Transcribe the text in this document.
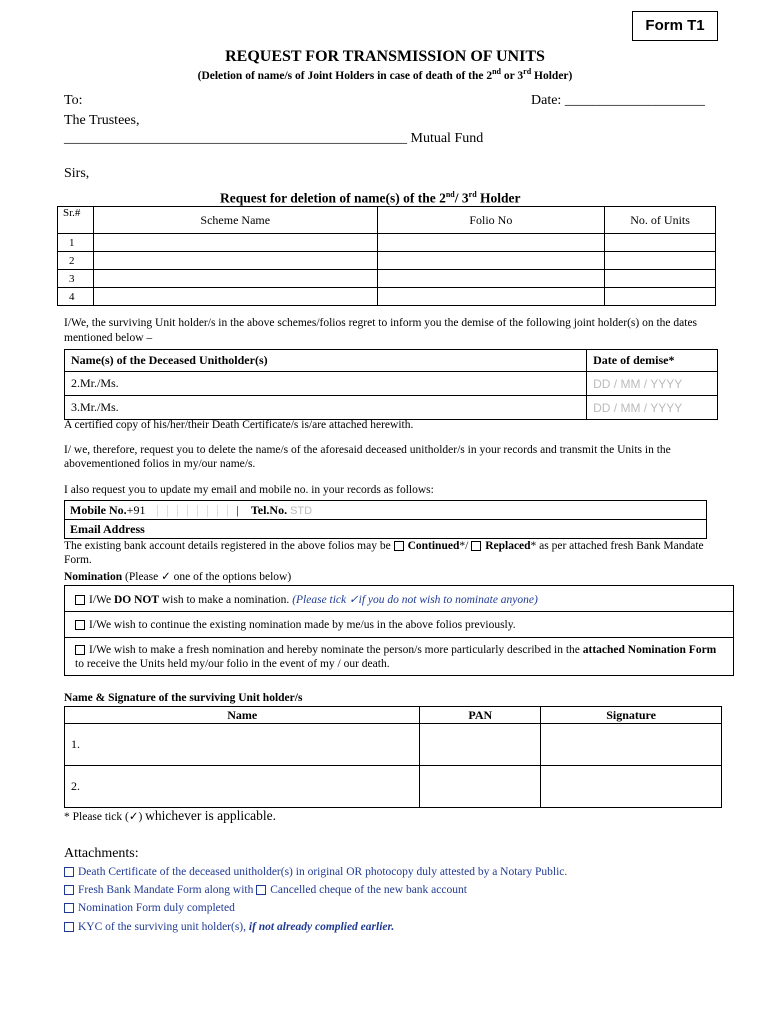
Form T1
REQUEST FOR TRANSMISSION OF UNITS
(Deletion of name/s of Joint Holders in case of death of the 2nd or 3rd Holder)
To:	Date: ____________________
The Trustees,
_________________________________________________ Mutual Fund
Sirs,
Request for deletion of name(s) of the 2nd/ 3rd Holder
Sr.#	Scheme Name	Folio No	No. of Units
1			
2			
3			
4			
I/We, the surviving Unit holder/s in the above schemes/folios regret to inform you the demise of the following joint holder(s) on the dates mentioned below –
Name(s) of the Deceased Unitholder(s)	Date of demise*
2.Mr./Ms.	DD / MM / YYYY
3.Mr./Ms.	DD / MM / YYYY
A certified copy of his/her/their Death Certificate/s is/are attached herewith.
I/ we, therefore, request you to delete the name/s of the aforesaid deceased unitholder/s in your records and transmit the Units in the abovementioned folios in my/our name/s.
I also request you to update my email and mobile no. in your records as follows:
Mobile No.+91	| Tel.No. STD
Email Address
The existing bank account details registered in the above folios may be Continued*/ Replaced* as per attached fresh Bank Mandate Form.
Nomination (Please ✓ one of the options below)
I/We DO NOT wish to make a nomination. (Please tick ✓if you do not wish to nominate anyone)
I/We wish to continue the existing nomination made by me/us in the above folios previously.
I/We wish to make a fresh nomination and hereby nominate the person/s more particularly described in the attached Nomination Form to receive the Units held my/our folio in the event of my / our death.
Name & Signature of the surviving Unit holder/s
Name	PAN	Signature
1.		
2.		
* Please tick (✓) whichever is applicable.
Attachments:
Death Certificate of the deceased unitholder(s) in original OR photocopy duly attested by a Notary Public.
Fresh Bank Mandate Form along with Cancelled cheque of the new bank account
Nomination Form duly completed
KYC of the surviving unit holder(s), if not already complied earlier.
